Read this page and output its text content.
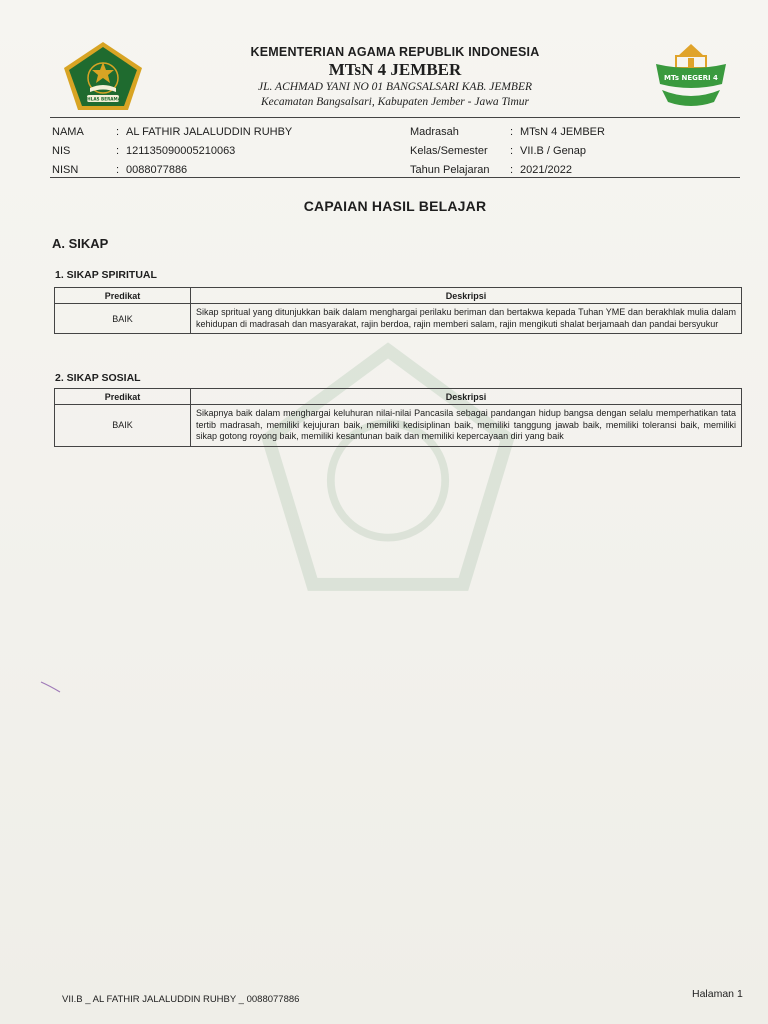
IKHLAS BERAMAL
KEMENTERIAN AGAMA REPUBLIK INDONESIA
MTsN 4 JEMBER
JL. ACHMAD YANI NO 01 BANGSALSARI KAB. JEMBER
Kecamatan Bangsalsari, Kabupaten Jember - Jawa Timur
MTs NEGERI 4
NAMA	: AL FATHIR JALALUDDIN RUHBY
NIS	: 121135090005210063
NISN	: 0088077886
Madrasah	: MTsN 4 JEMBER
Kelas/Semester	: VII.B / Genap
Tahun Pelajaran	: 2021/2022
CAPAIAN HASIL BELAJAR
A. SIKAP
1. SIKAP SPIRITUAL
Predikat	Deskripsi
BAIK	Sikap spritual yang ditunjukkan baik dalam menghargai perilaku beriman dan bertakwa kepada Tuhan YME dan berakhlak mulia dalam kehidupan di madrasah dan masyarakat, rajin berdoa, rajin memberi salam, rajin mengikuti shalat berjamaah dan pandai bersyukur
2. SIKAP SOSIAL
Predikat	Deskripsi
BAIK	Sikapnya baik dalam menghargai keluhuran nilai-nilai Pancasila sebagai pandangan hidup bangsa dengan selalu memperhatikan tata tertib madrasah, memiliki kejujuran baik, memiliki kedisiplinan baik, memiliki tanggung jawab baik, memiliki toleransi baik, memiliki sikap gotong royong baik, memiliki kesantunan baik dan memiliki kepercayaan diri yang baik
VII.B _ AL FATHIR JALALUDDIN RUHBY _ 0088077886	Halaman 1
